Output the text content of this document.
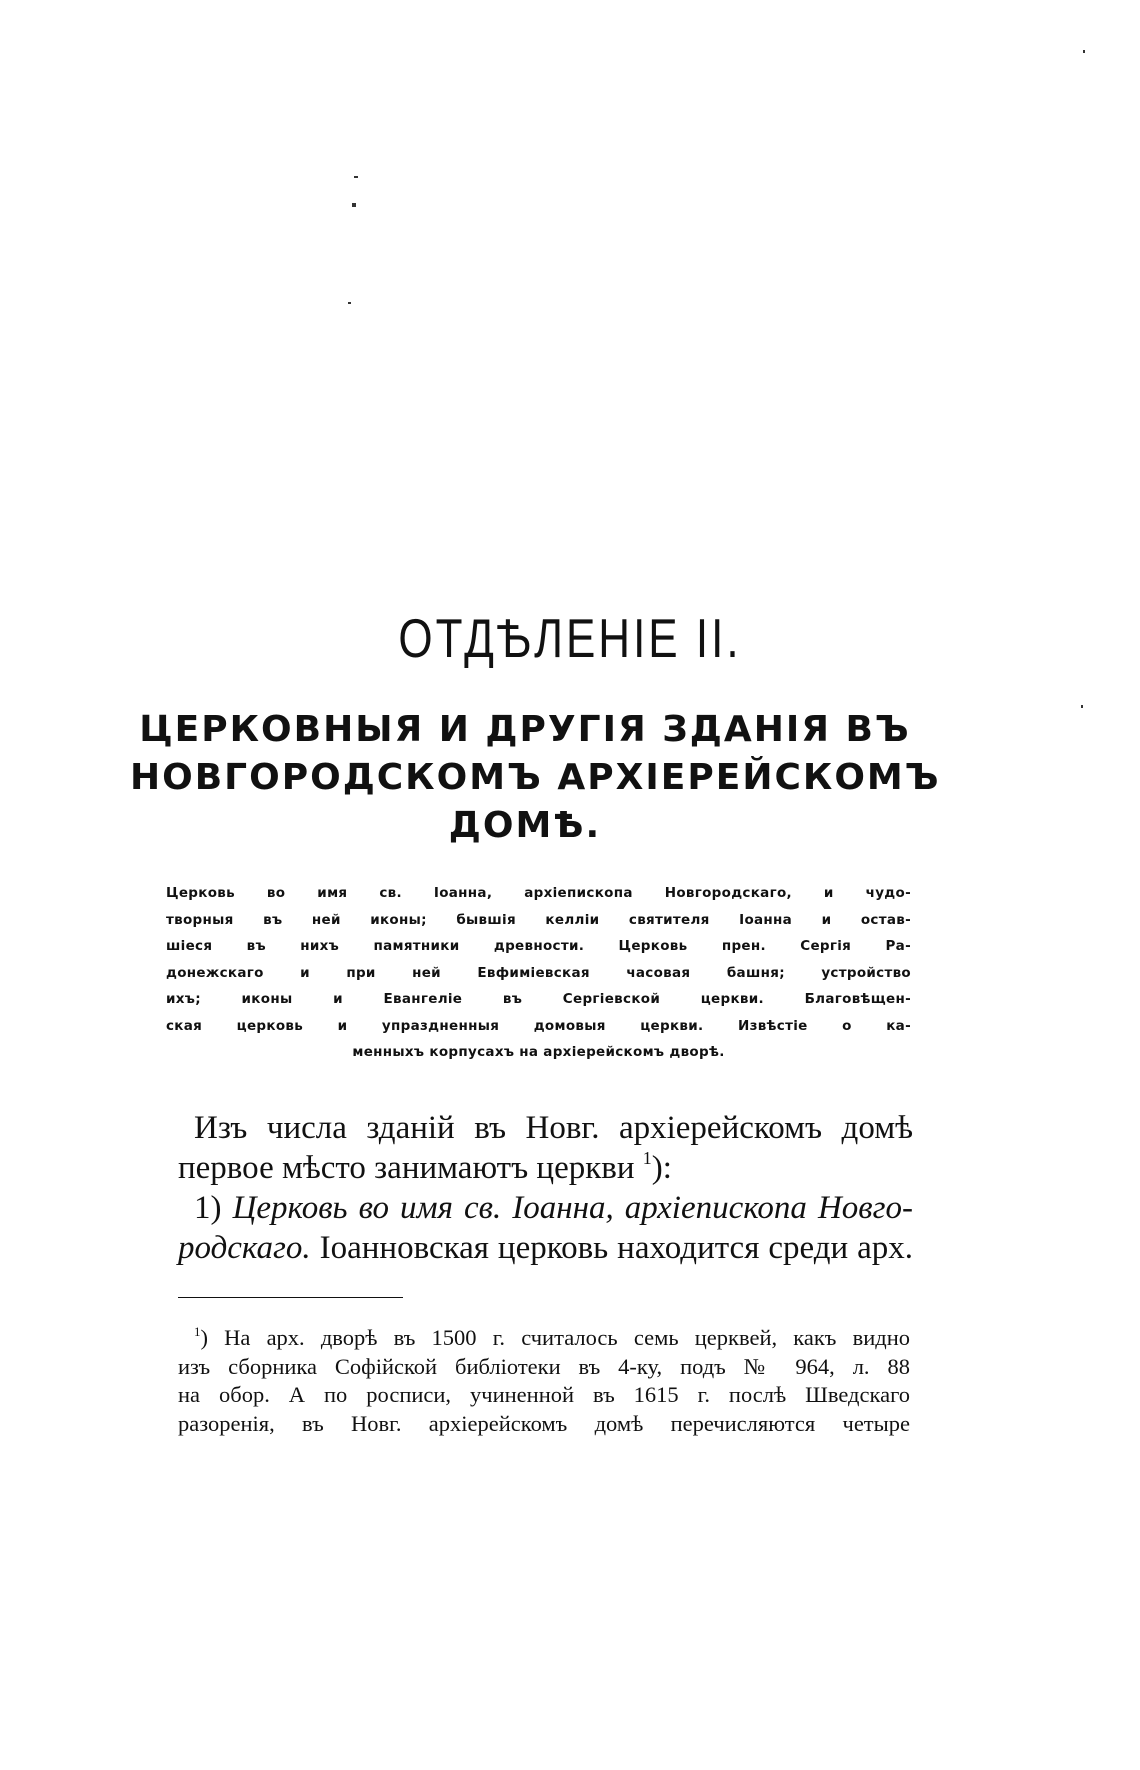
ОТДѢЛЕНІЕ II.
ЦЕРКОВНЫЯ И ДРУГІЯ ЗДАНІЯ ВЪ
НОВГОРОДСКОМЪ АРХІЕРЕЙСКОМЪ
ДОМѢ.
Церковь во имя св. Іоанна, архіепископа Новгородскаго, и чудо-
творныя въ ней иконы; бывшія келліи святителя Іоанна и остав-
шіеся въ нихъ памятники древности. Церковь прен. Сергія Ра-
донежскаго и при ней Евфиміевская часовая башня; устройство
ихъ; иконы и Евангеліе въ Сергіевской церкви. Благовѣщен-
ская церковь и упраздненныя домовыя церкви. Извѣстіе о ка-
менныхъ корпусахъ на архіерейскомъ дворѣ.
Изъ числа зданій въ Новг. архіерейскомъ домѣ
первое мѣсто занимаютъ церкви $^1$):
1) Церковь во имя св. Іоанна, архіепископа Новго-
родскаго. Іоанновская церковь находится среди арх.
$^1$) На арх. дворѣ въ 1500 г. считалось семь церквей, какъ видно
изъ сборника Софійской библіотеки въ 4-ку, подъ № 964, л. 88
на обор. А по росписи, учиненной въ 1615 г. послѣ Шведскаго
разоренія, въ Новг. архіерейскомъ домѣ перечисляются четыре
